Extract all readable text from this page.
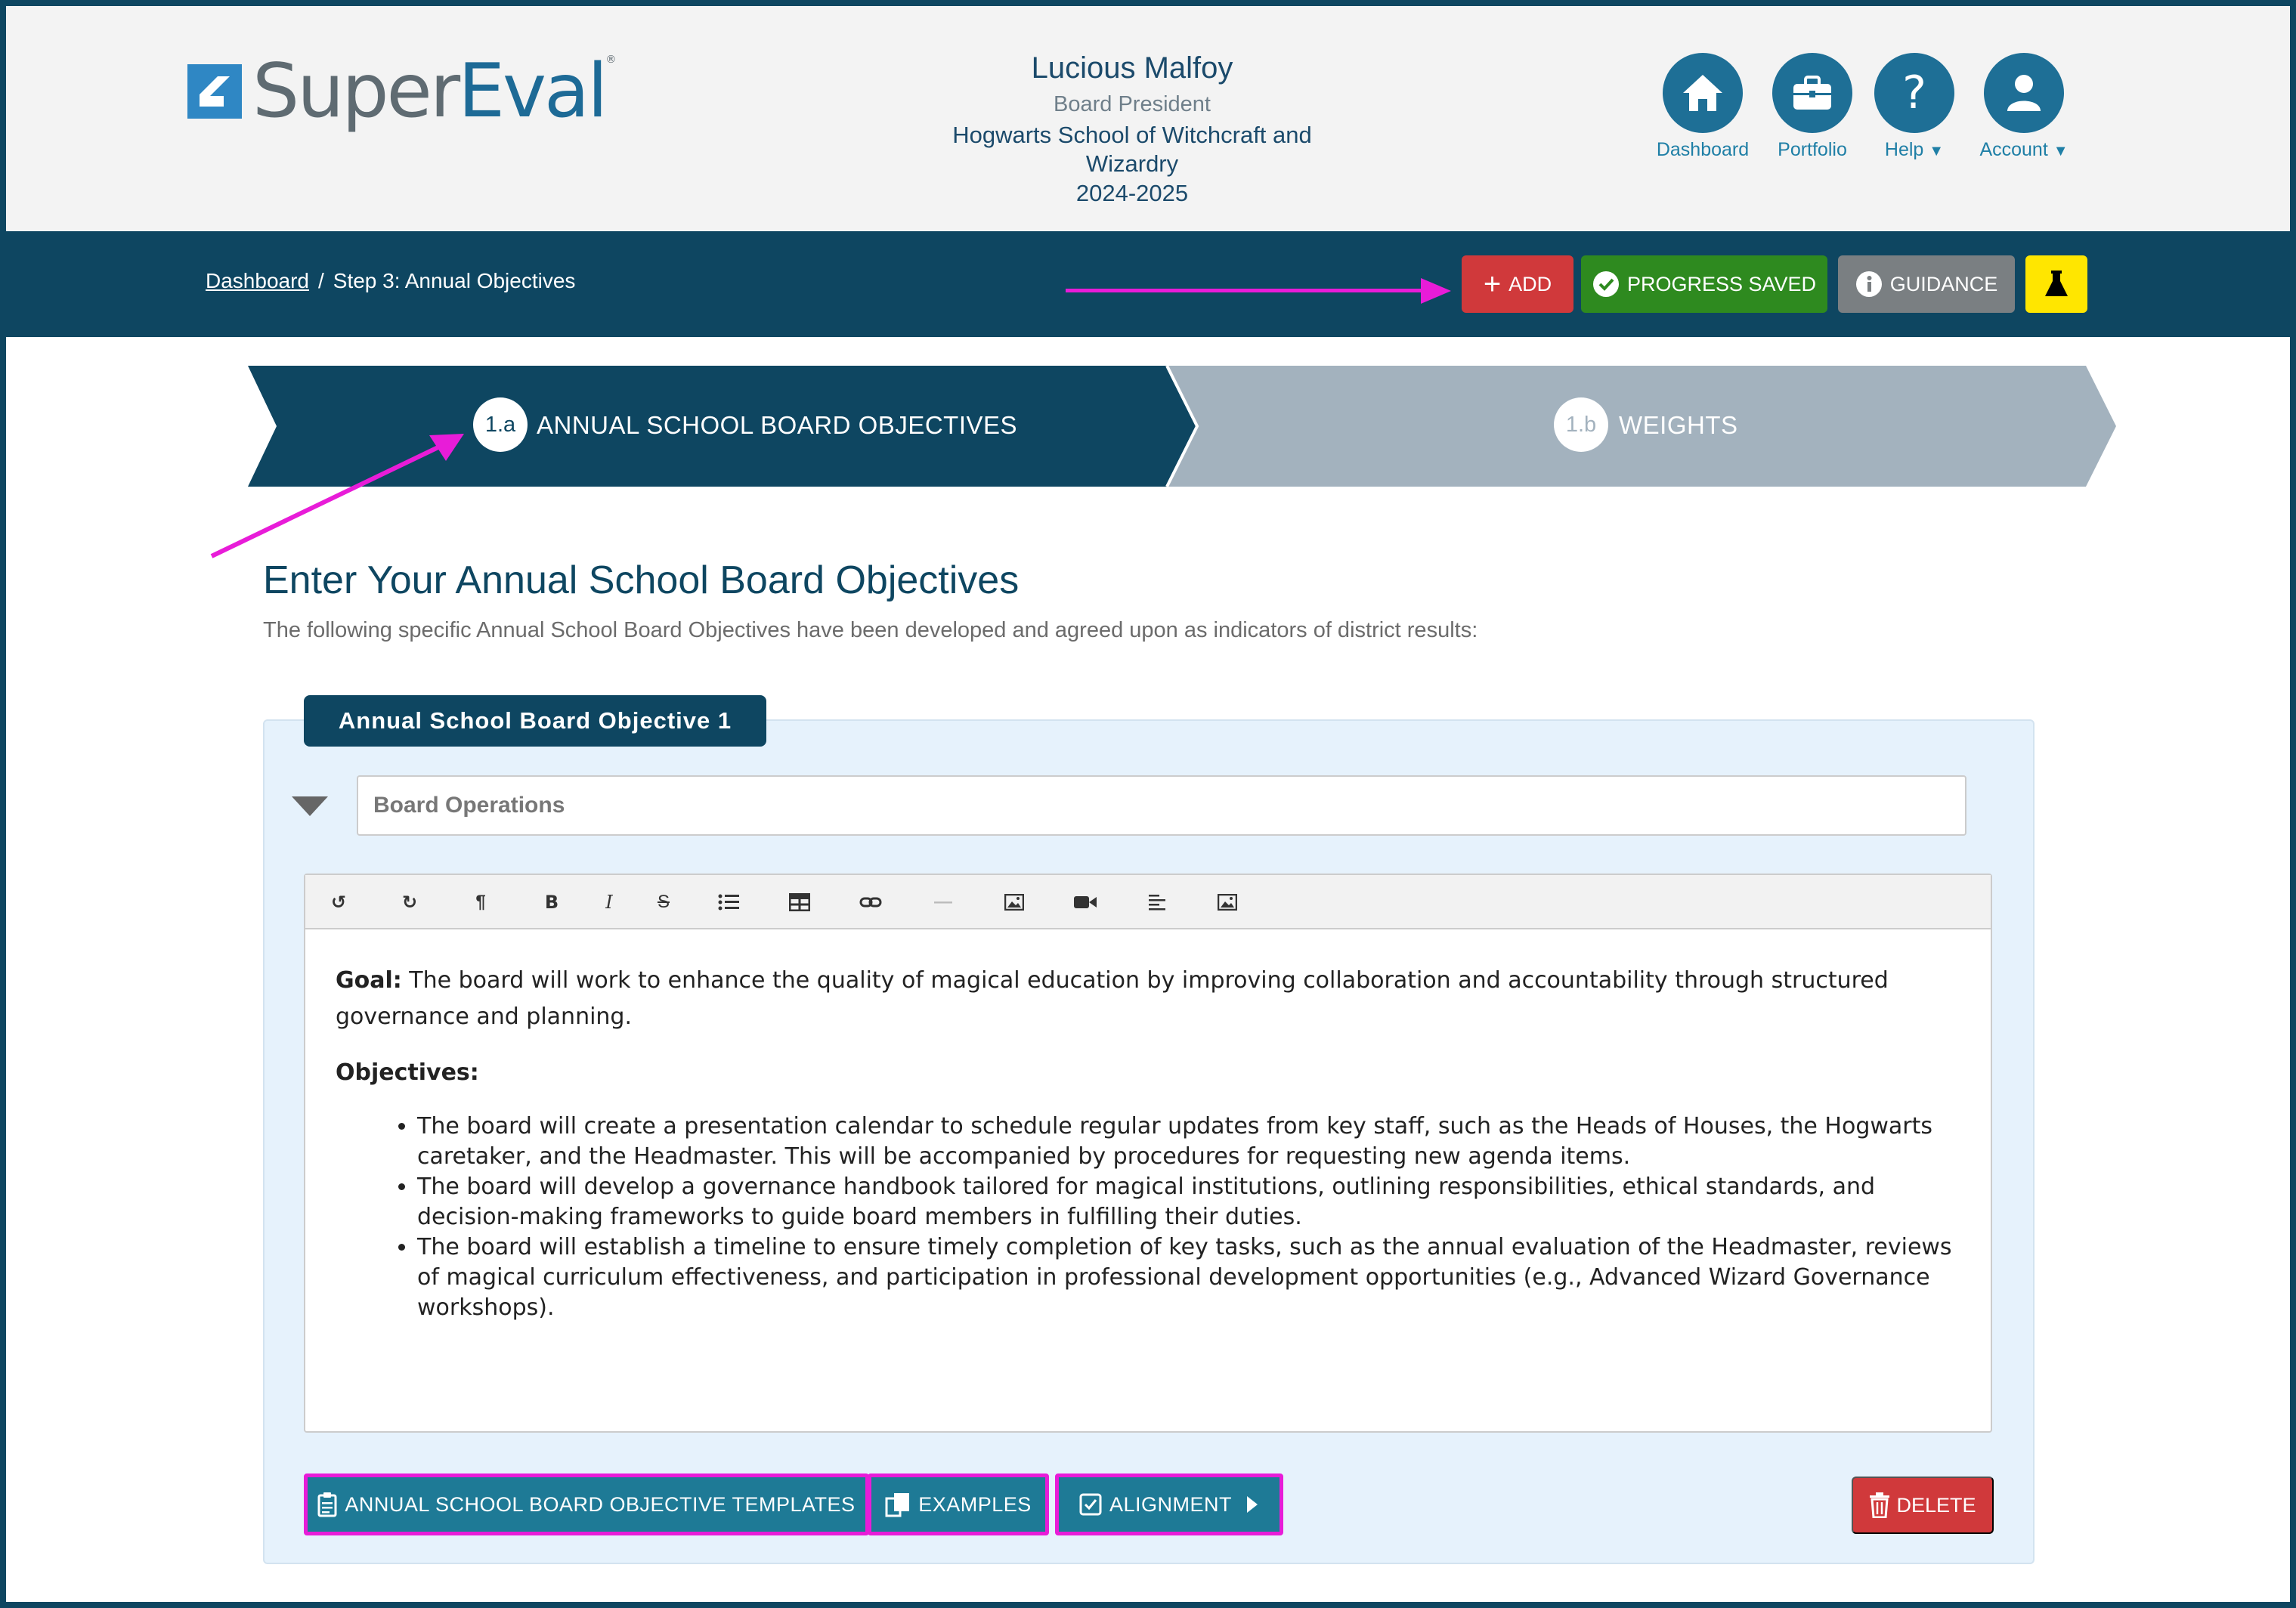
SuperEval®	Lucious Malfoy
Board President
Hogwarts School of Witchcraft and
Wizardry
2024-2025
Dashboard	Portfolio
?
Help ▼	Account ▼
Dashboard / Step 3: Annual Objectives	+ ADD	PROGRESS SAVED	GUIDANCE
1.a ANNUAL SCHOOL BOARD OBJECTIVES	1.b WEIGHTS
Enter Your Annual School Board Objectives
The following specific Annual School Board Objectives have been developed and agreed upon as indicators of district results:
Annual School Board Objective 1
Board Operations
↺	↻	¶	B	I	S	—
Goal: The board will work to enhance the quality of magical education by improving collaboration and accountability through structured governance and planning.
Objectives:
• The board will create a presentation calendar to schedule regular updates from key staff, such as the Heads of Houses, the Hogwarts caretaker, and the Headmaster. This will be accompanied by procedures for requesting new agenda items.
• The board will develop a governance handbook tailored for magical institutions, outlining responsibilities, ethical standards, and decision-making frameworks to guide board members in fulfilling their duties.
• The board will establish a timeline to ensure timely completion of key tasks, such as the annual evaluation of the Headmaster, reviews of magical curriculum effectiveness, and participation in professional development opportunities (e.g., Advanced Wizard Governance workshops).
ANNUAL SCHOOL BOARD OBJECTIVE TEMPLATES	EXAMPLES	ALIGNMENT	DELETE
